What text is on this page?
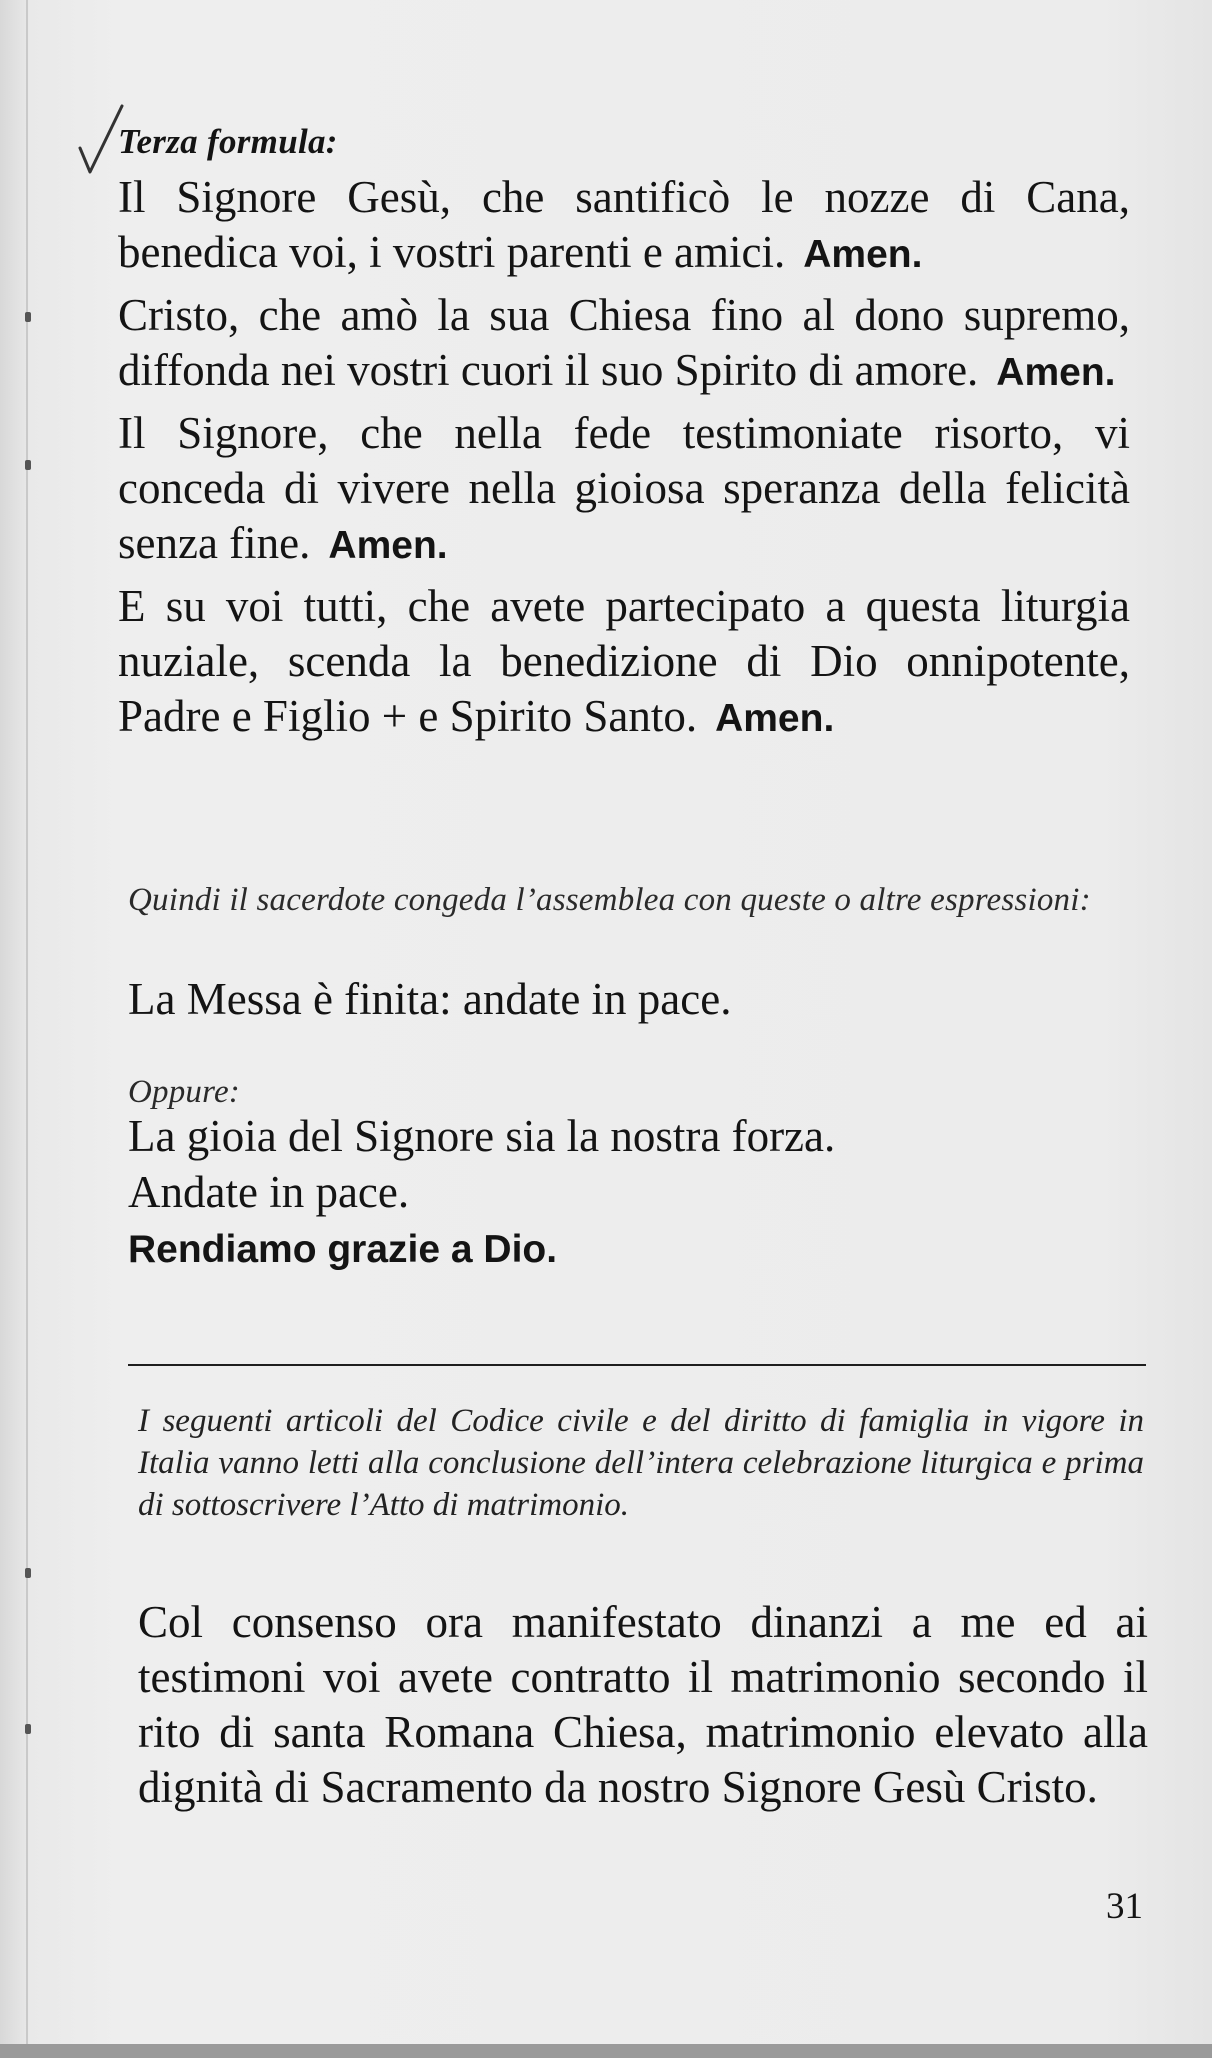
Terza formula:

Il Signore Gesù, che santificò le nozze di Cana, benedica voi, i vostri parenti e amici. Amen.

Cristo, che amò la sua Chiesa fino al dono supremo, diffonda nei vostri cuori il suo Spirito di amore. Amen.

Il Signore, che nella fede testimoniate risorto, vi conceda di vivere nella gioiosa speranza della felicità senza fine. Amen.

E su voi tutti, che avete partecipato a questa liturgia nuziale, scenda la benedizione di Dio onnipotente, Padre e Figlio + e Spirito Santo. Amen.

Quindi il sacerdote congeda l’assemblea con queste o altre espressioni:
La Messa è finita: andate in pace.
Oppure:
La gioia del Signore sia la nostra forza.
Andate in pace.
Rendiamo grazie a Dio.
I seguenti articoli del Codice civile e del diritto di famiglia in vigore in Italia vanno letti alla conclusione dell’intera celebrazione liturgica e prima di sottoscrivere l’Atto di matrimonio.
Col consenso ora manifestato dinanzi a me ed ai testimoni voi avete contratto il matrimonio secondo il rito di santa Romana Chiesa, matrimonio elevato alla dignità di Sacramento da nostro Signore Gesù Cristo.
31
